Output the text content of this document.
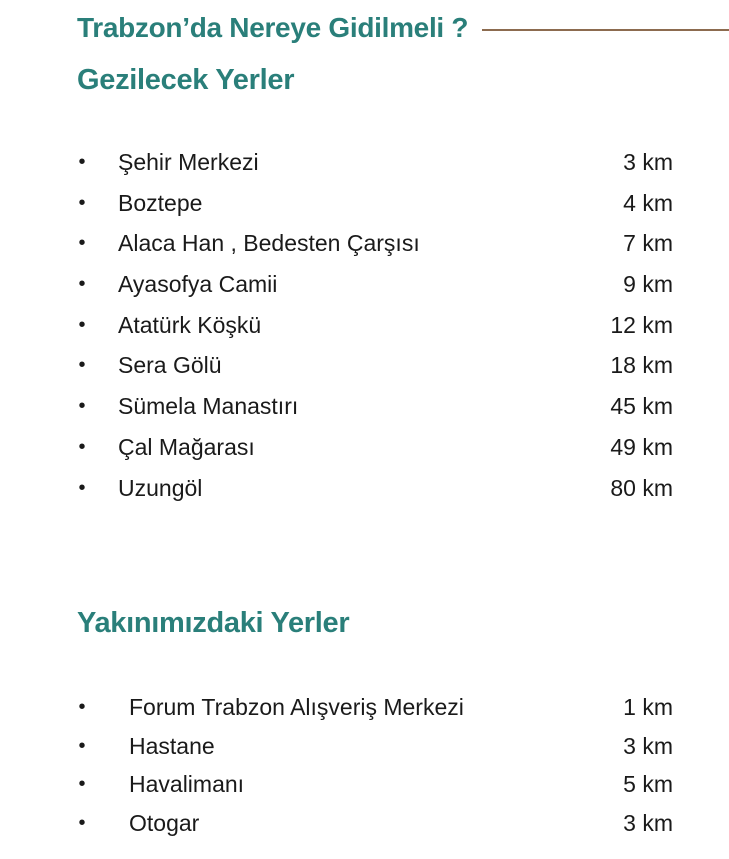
Trabzon’da Nereye Gidilmeli ?
Gezilecek Yerler
• Şehir Merkezi	3 km
• Boztepe	4 km
• Alaca Han , Bedesten Çarşısı	7 km
• Ayasofya Camii	9 km
• Atatürk Köşkü	12 km
• Sera Gölü	18 km
• Sümela Manastırı	45 km
• Çal Mağarası	49 km
• Uzungöl	80 km
Yakınımızdaki Yerler
• Forum Trabzon Alışveriş Merkezi	1 km
• Hastane	3 km
• Havalimanı	5 km
• Otogar	3 km
